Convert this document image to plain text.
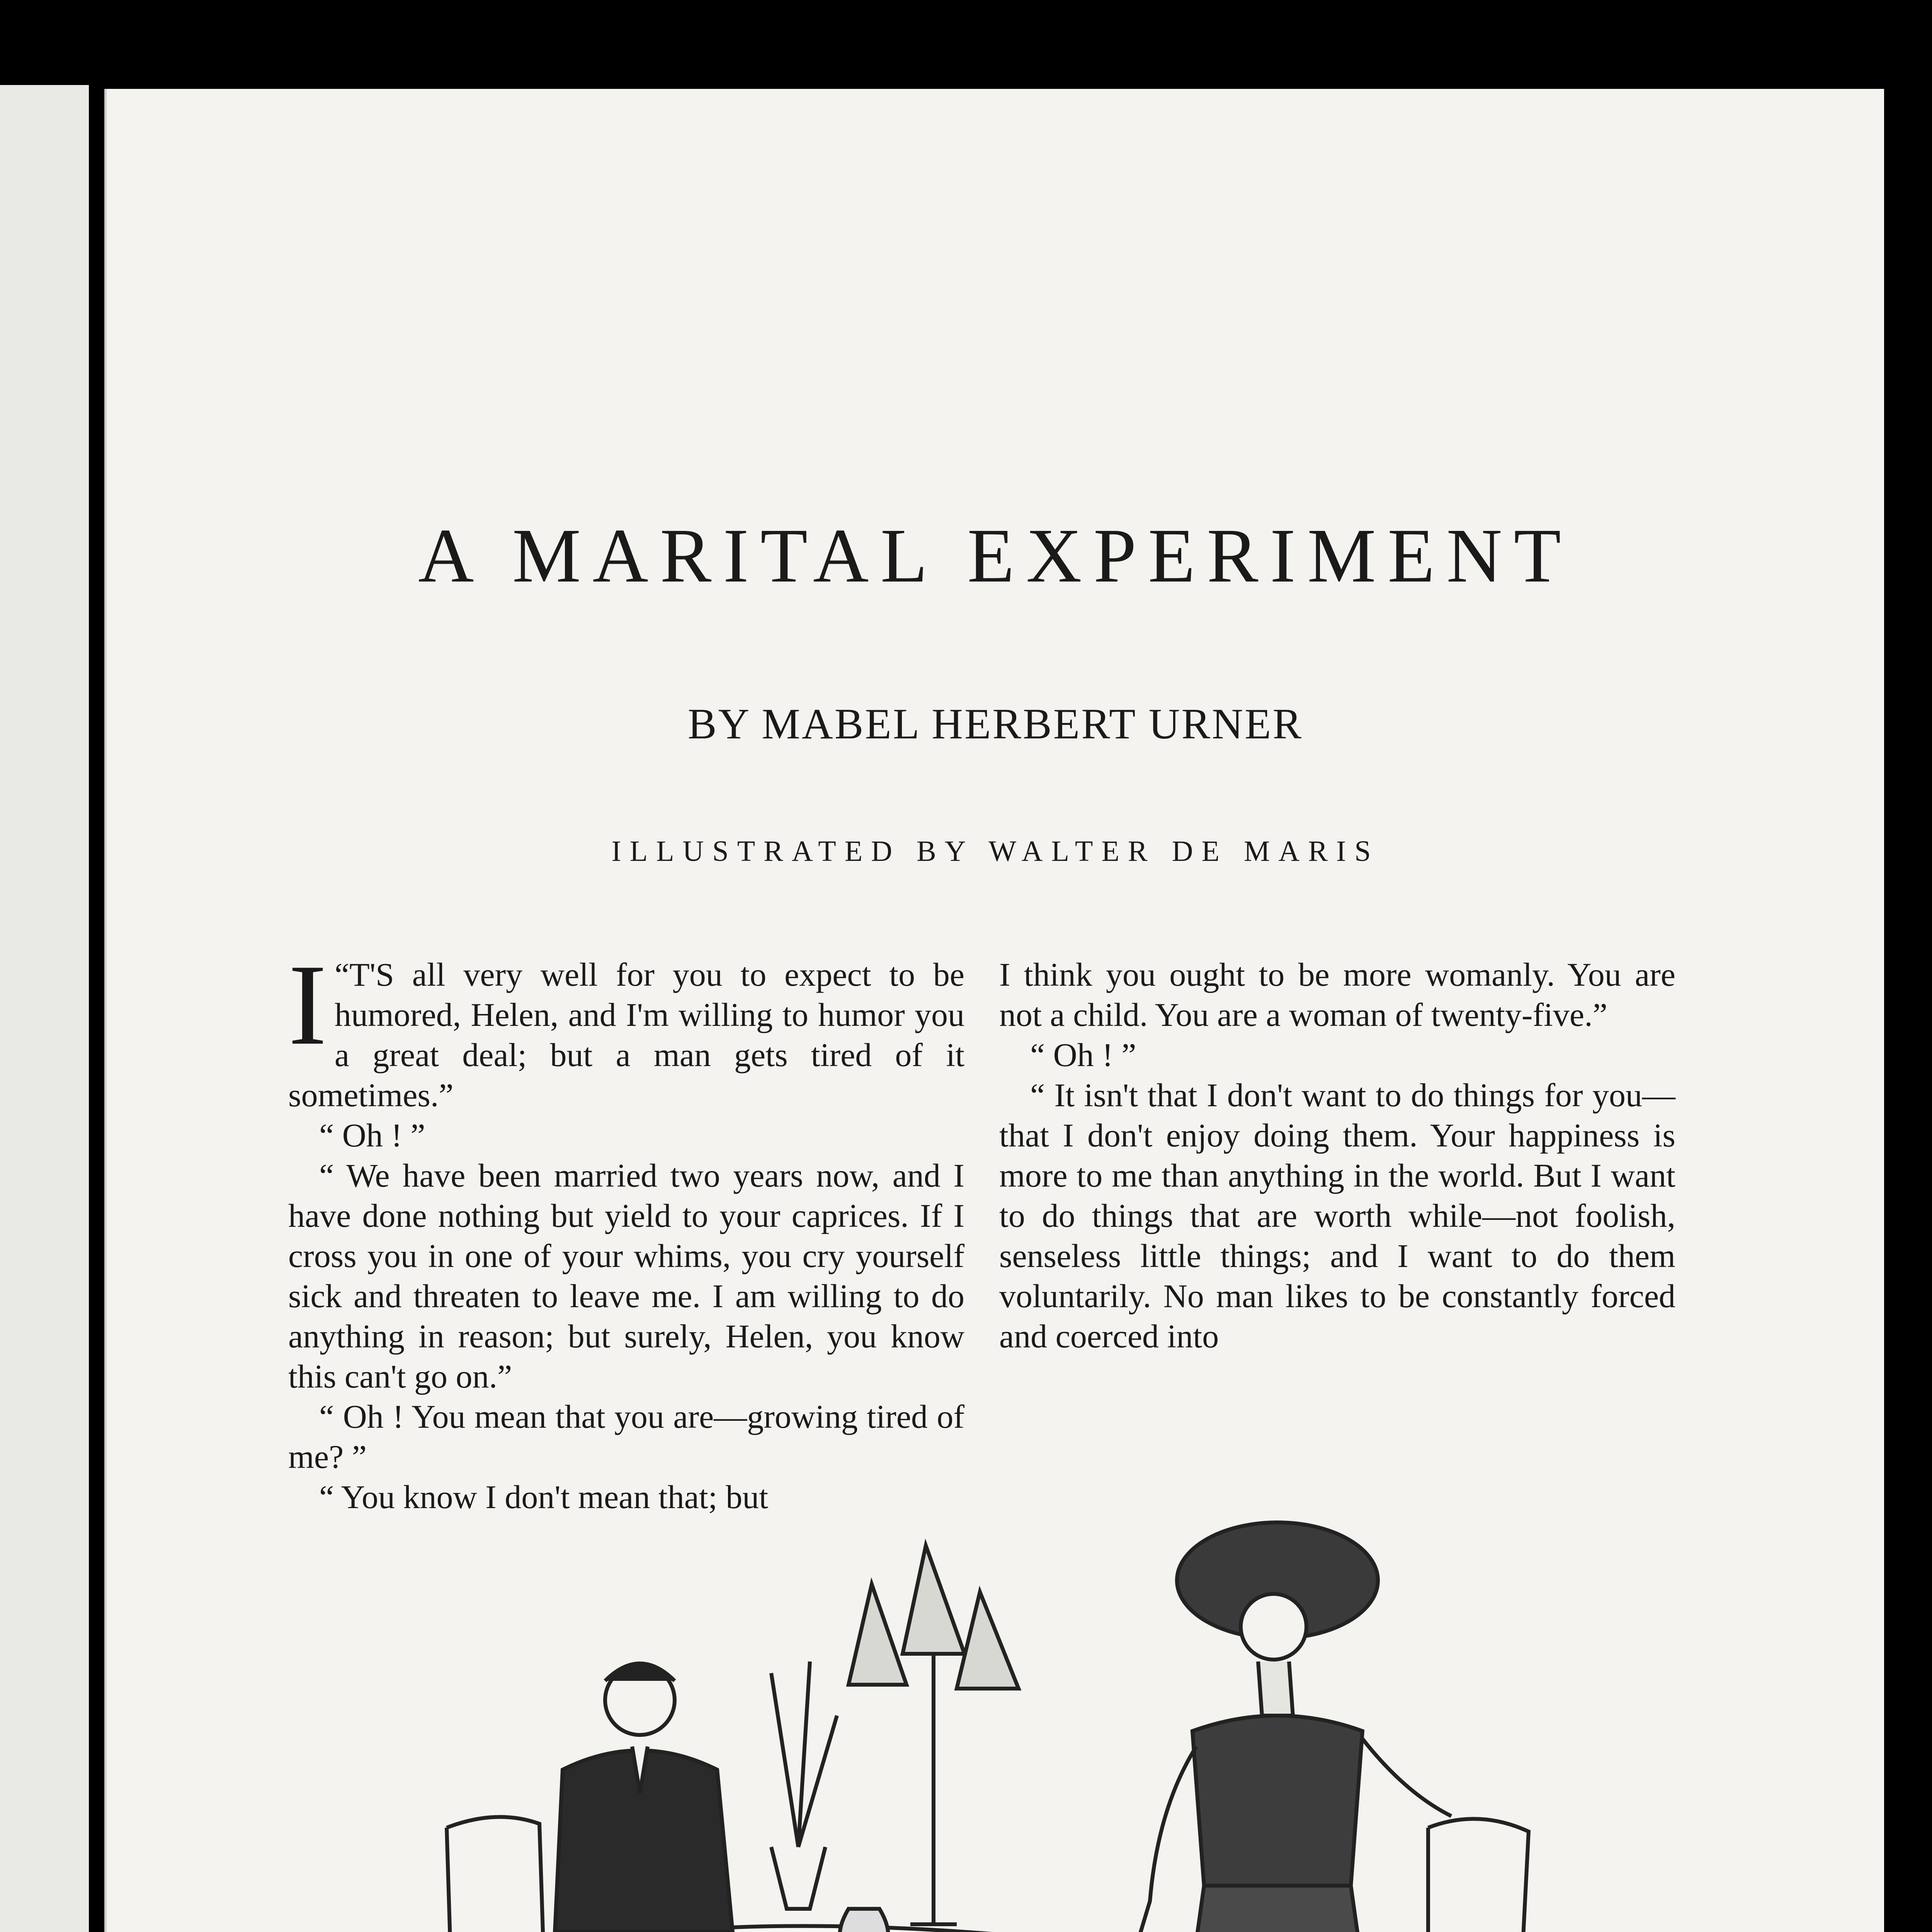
A MARITAL EXPERIMENT
BY MABEL HERBERT URNER
ILLUSTRATED BY WALTER DE MARIS

“
I T'S all very well for you to expect to be humored, Helen, and I'm willing to humor you a great deal; but a man gets tired of it sometimes.”

“ Oh ! ”

“ We have been married two years now, and I have done nothing but yield to your caprices. If I cross you in one of your whims, you cry yourself sick and threaten to leave me. I am willing to do anything in reason; but surely, Helen, you know this can't go on.”

“ Oh ! You mean that you are—growing tired of me? ”

“ You know I don't mean that; but

I think you ought to be more womanly. You are not a child. You are a woman of twenty-five.”

“ Oh ! ”

“ It isn't that I don't want to do things for you—that I don't enjoy doing them. Your happiness is more to me than anything in the world. But I want to do things that are worth while—not foolish, senseless little things; and I want to do them voluntarily. No man likes to be constantly forced and coerced into
